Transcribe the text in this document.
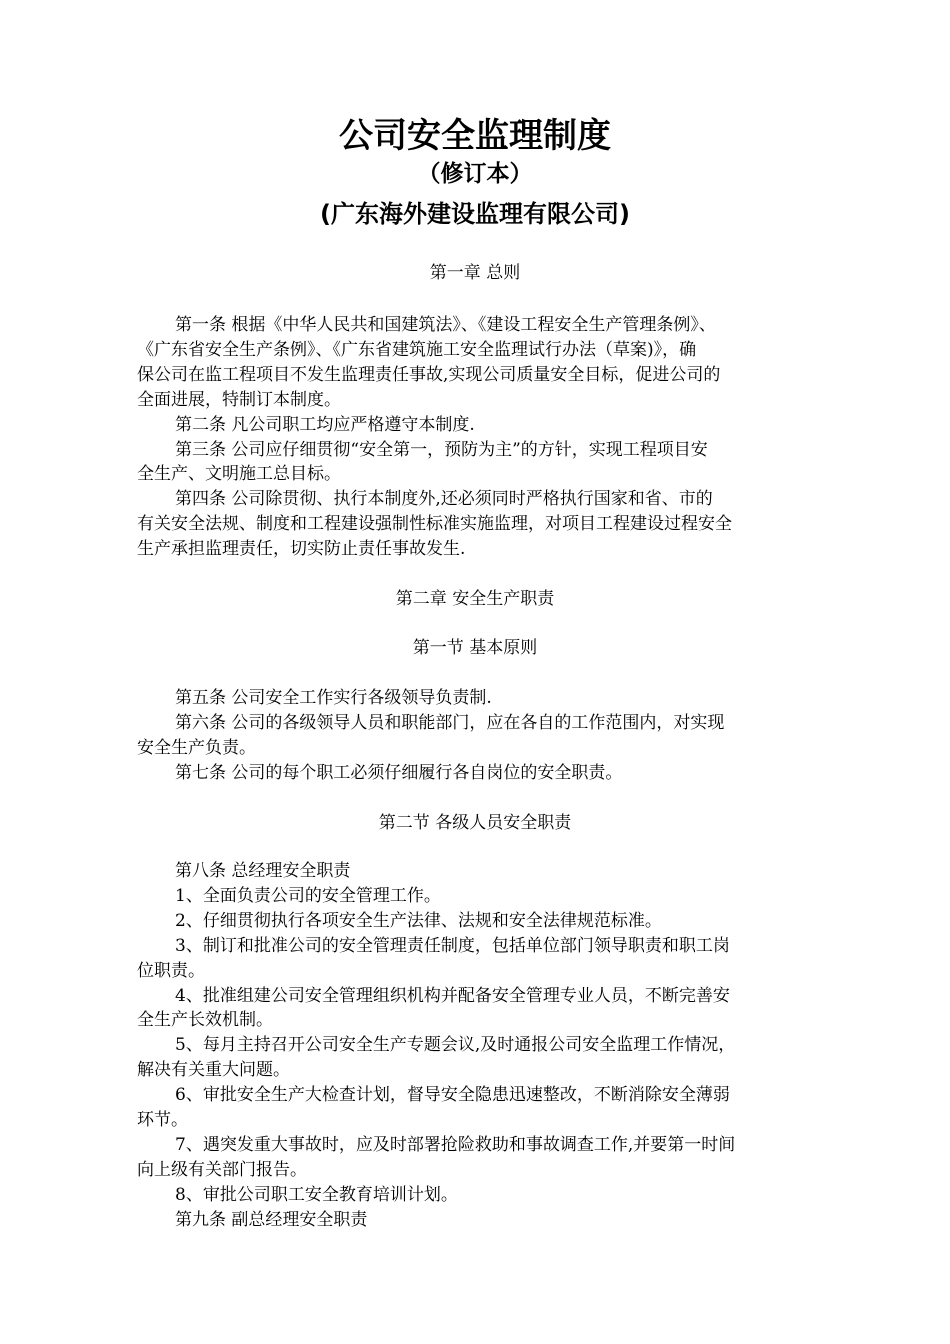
公司安全监理制度
（修订本）
(广东海外建设监理有限公司)
第一章 总则
第一条 根据《中华人民共和国建筑法》、《建设工程安全生产管理条例》、
《广东省安全生产条例》、《广东省建筑施工安全监理试行办法（草案)》，确
保公司在监工程项目不发生监理责任事故,实现公司质量安全目标，促进公司的
全面进展，特制订本制度。
第二条 凡公司职工均应严格遵守本制度.
第三条 公司应仔细贯彻“安全第一，预防为主”的方针，实现工程项目安
全生产、文明施工总目标。
第四条 公司除贯彻、执行本制度外,还必须同时严格执行国家和省、市的
有关安全法规、制度和工程建设强制性标准实施监理，对项目工程建设过程安全
生产承担监理责任，切实防止责任事故发生.
第二章 安全生产职责
第一节 基本原则
第五条 公司安全工作实行各级领导负责制.
第六条 公司的各级领导人员和职能部门，应在各自的工作范围内，对实现
安全生产负责。
第七条 公司的每个职工必须仔细履行各自岗位的安全职责。
第二节 各级人员安全职责
第八条 总经理安全职责
1、全面负责公司的安全管理工作。
2、仔细贯彻执行各项安全生产法律、法规和安全法律规范标准。
3、制订和批准公司的安全管理责任制度，包括单位部门领导职责和职工岗
位职责。
4、批准组建公司安全管理组织机构并配备安全管理专业人员，不断完善安
全生产长效机制。
5、每月主持召开公司安全生产专题会议,及时通报公司安全监理工作情况，
解决有关重大问题。
6、审批安全生产大检查计划，督导安全隐患迅速整改，不断消除安全薄弱
环节。
7、遇突发重大事故时，应及时部署抢险救助和事故调查工作,并要第一时间
向上级有关部门报告。
8、审批公司职工安全教育培训计划。
第九条 副总经理安全职责
